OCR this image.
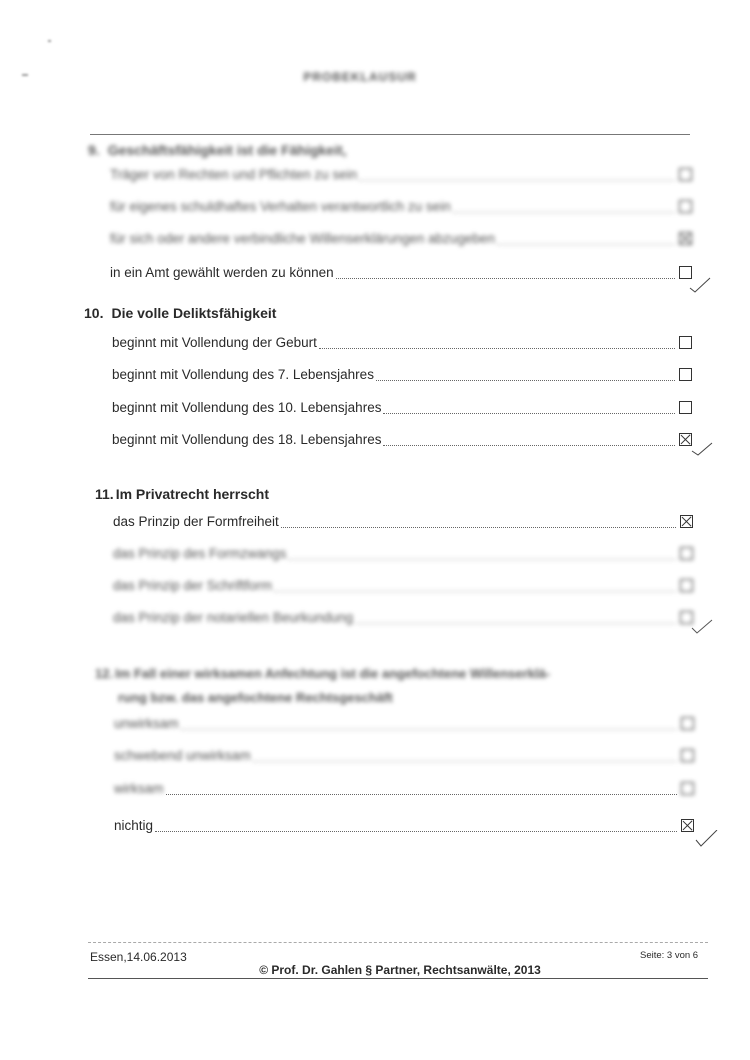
PROBEKLAUSUR
9. Geschäftsfähigkeit ist die Fähigkeit,
Träger von Rechten und Pflichten zu sein
für eigenes schuldhaftes Verhalten verantwortlich zu sein
für sich oder andere verbindliche Willenserklärungen abzugeben
in ein Amt gewählt werden zu können
10. Die volle Deliktsfähigkeit
beginnt mit Vollendung der Geburt
beginnt mit Vollendung des 7. Lebensjahres
beginnt mit Vollendung des 10. Lebensjahres
beginnt mit Vollendung des 18. Lebensjahres
11. Im Privatrecht herrscht
das Prinzip der Formfreiheit
das Prinzip des Formzwangs
das Prinzip der Schriftform
das Prinzip der notariellen Beurkundung
12. Im Fall einer wirksamen Anfechtung ist die angefochtene Willenserklä-
rung bzw. das angefochtene Rechtsgeschäft
unwirksam
schwebend unwirksam
wirksam
nichtig
Essen,14.06.2013	Seite: 3 von 6
© Prof. Dr. Gahlen § Partner, Rechtsanwälte, 2013
